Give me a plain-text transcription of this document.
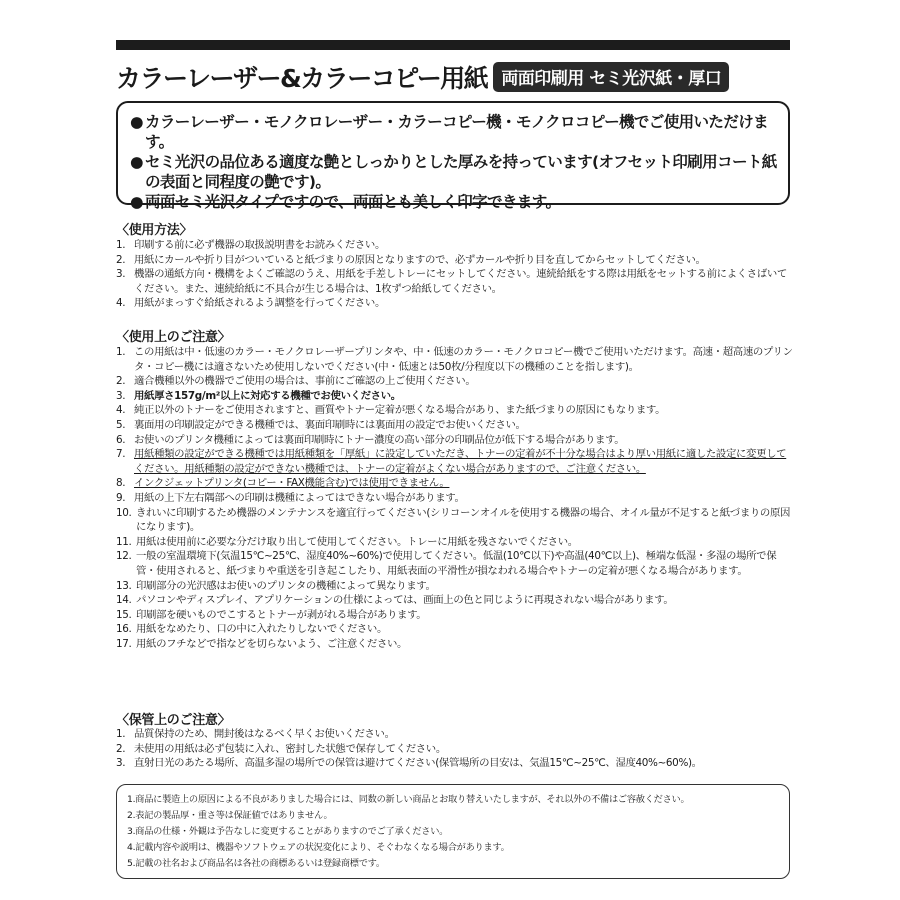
カラーレーザー&カラーコピー用紙 両面印刷用 セミ光沢紙・厚口
● カラーレーザー・モノクロレーザー・カラーコピー機・モノクロコピー機でご使用いただけます。
● セミ光沢の品位ある適度な艶としっかりとした厚みを持っています(オフセット印刷用コート紙の表面と同程度の艶です)。
● 両面セミ光沢タイプですので、両面とも美しく印字できます。
〈使用方法〉
1. 印刷する前に必ず機器の取扱説明書をお読みください。
2. 用紙にカールや折り目がついていると紙づまりの原因となりますので、必ずカールや折り目を直してからセットしてください。
3. 機器の通紙方向・機構をよくご確認のうえ、用紙を手差しトレーにセットしてください。連続給紙をする際は用紙をセットする前によくさばいてください。また、連続給紙に不具合が生じる場合は、1枚ずつ給紙してください。
4. 用紙がまっすぐ給紙されるよう調整を行ってください。
〈使用上のご注意〉
1. この用紙は中・低速のカラー・モノクロレーザープリンタや、中・低速のカラー・モノクロコピー機でご使用いただけます。高速・超高速のプリンタ・コピー機には適さないため使用しないでください(中・低速とは50枚/分程度以下の機種のことを指します)。
2. 適合機種以外の機器でご使用の場合は、事前にご確認の上ご使用ください。
3. 用紙厚さ157g/m²以上に対応する機種でお使いください。
4. 純正以外のトナーをご使用されますと、画質やトナー定着が悪くなる場合があり、また紙づまりの原因にもなります。
5. 裏面用の印刷設定ができる機種では、裏面印刷時には裏面用の設定でお使いください。
6. お使いのプリンタ機種によっては裏面印刷時にトナー濃度の高い部分の印刷品位が低下する場合があります。
7. 用紙種類の設定ができる機種では用紙種類を「厚紙」に設定していただき、トナーの定着が不十分な場合はより厚い用紙に適した設定に変更してください。用紙種類の設定ができない機種では、トナーの定着がよくない場合がありますので、ご注意ください。
8. インクジェットプリンタ(コピー・FAX機能含む)では使用できません。
9. 用紙の上下左右隅部への印刷は機種によってはできない場合があります。
10. きれいに印刷するため機器のメンテナンスを適宜行ってください(シリコーンオイルを使用する機器の場合、オイル量が不足すると紙づまりの原因になります)。
11. 用紙は使用前に必要な分だけ取り出して使用してください。トレーに用紙を残さないでください。
12. 一般の室温環境下(気温15℃~25℃、湿度40%~60%)で使用してください。低温(10℃以下)や高温(40℃以上)、極端な低湿・多湿の場所で保管・使用されると、紙づまりや重送を引き起こしたり、用紙表面の平滑性が損なわれる場合やトナーの定着が悪くなる場合があります。
13. 印刷部分の光沢感はお使いのプリンタの機種によって異なります。
14. パソコンやディスプレイ、アプリケーションの仕様によっては、画面上の色と同じように再現されない場合があります。
15. 印刷部を硬いものでこするとトナーが剥がれる場合があります。
16. 用紙をなめたり、口の中に入れたりしないでください。
17. 用紙のフチなどで指などを切らないよう、ご注意ください。
〈保管上のご注意〉
1. 品質保持のため、開封後はなるべく早くお使いください。
2. 未使用の用紙は必ず包装に入れ、密封した状態で保存してください。
3. 直射日光のあたる場所、高温多湿の場所での保管は避けてください(保管場所の目安は、気温15℃~25℃、湿度40%~60%)。
1.商品に製造上の原因による不良がありました場合には、同数の新しい商品とお取り替えいたしますが、それ以外の不備はご容赦ください。
2.表記の製品厚・重さ等は保証値ではありません。
3.商品の仕様・外観は予告なしに変更することがありますのでご了承ください。
4.記載内容や説明は、機器やソフトウェアの状況変化により、そぐわなくなる場合があります。
5.記載の社名および商品名は各社の商標あるいは登録商標です。
